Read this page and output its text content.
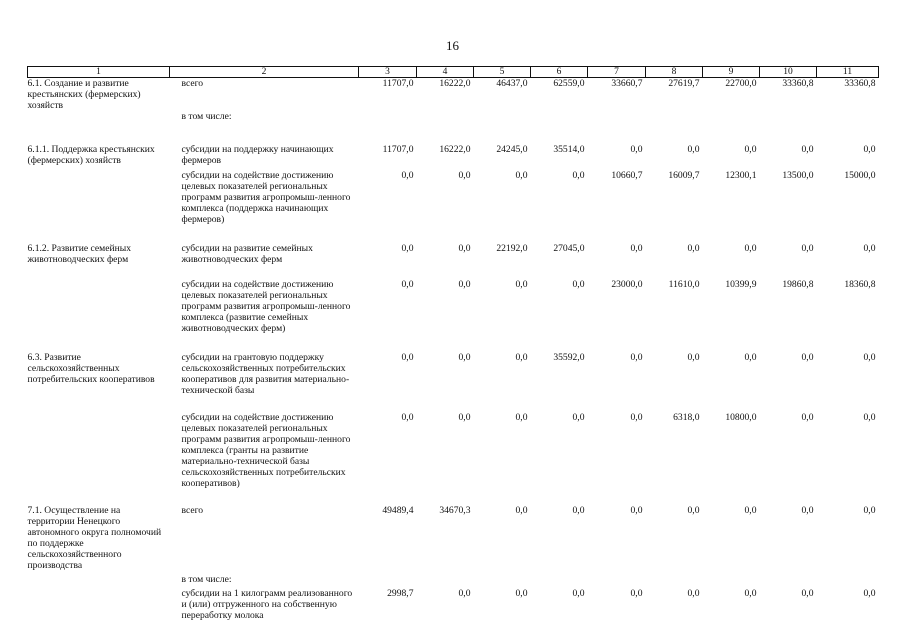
16
1	2	3	4	5	6	7	8	9	10	11
6.1. Создание и развитие крестьянских (фермерских) хозяйств	всего	11707,0	16222,0	46437,0	62559,0	33660,7	27619,7	22700,0	33360,8	33360,8
	в том числе:									

6.1.1. Поддержка крестьянских (фермерских) хозяйств	субсидии на поддержку начинающих фермеров	11707,0	16222,0	24245,0	35514,0	0,0	0,0	0,0	0,0	0,0

	субсидии на содействие достижению целевых показателей региональных программ развития агропромыш-ленного комплекса (поддержка начинающих фермеров)	0,0	0,0	0,0	0,0	10660,7	16009,7	12300,1	13500,0	15000,0

6.1.2. Развитие семейных животноводческих ферм	субсидии на развитие семейных животноводческих ферм	0,0	0,0	22192,0	27045,0	0,0	0,0	0,0	0,0	0,0

	субсидии на содействие достижению целевых показателей региональных программ развития агропромыш-ленного комплекса (развитие семейных животноводческих ферм)	0,0	0,0	0,0	0,0	23000,0	11610,0	10399,9	19860,8	18360,8

6.3. Развитие сельскохозяйственных потребительских кооперативов	субсидии на грантовую поддержку сельскохозяйственных потребительских кооперативов для развития материально-технической базы	0,0	0,0	0,0	35592,0	0,0	0,0	0,0	0,0	0,0

	субсидии на содействие достижению целевых показателей региональных программ развития агропромыш-ленного комплекса (гранты на развитие материально-технической базы сельскохозяйственных потребительских кооперативов)	0,0	0,0	0,0	0,0	0,0	6318,0	10800,0	0,0	0,0

7.1. Осуществление на территории Ненецкого автономного округа полномочий по поддержке сельскохозяйственного производства	всего	49489,4	34670,3	0,0	0,0	0,0	0,0	0,0	0,0	0,0

	в том числе:									

	субсидии на 1 килограмм реализованного и (или) отгруженного на собственную переработку молока	2998,7	0,0	0,0	0,0	0,0	0,0	0,0	0,0	0,0
